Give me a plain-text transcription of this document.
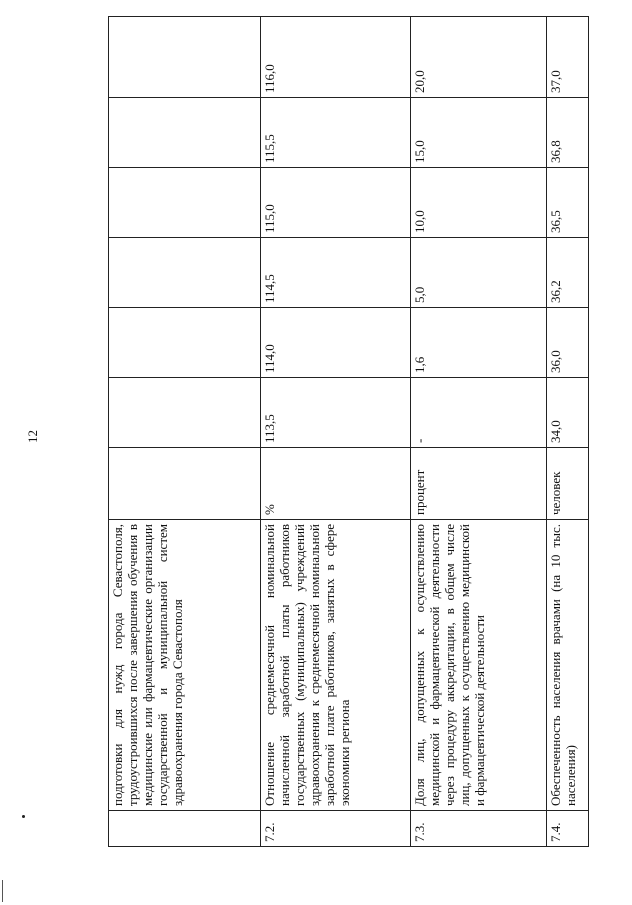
12
	подготовки для нужд города Севастополя, трудоустроившихся после завершения обучения в медицинские или фармацевтические организации государственной и муниципальной систем здравоохранения города Севастополя							
7.2.	Отношение среднемесячной номинальной начисленной заработной платы работников государственных (муниципальных) учреждений здравоохранения к среднемесячной номинальной заработной плате работников, занятых в сфере экономики региона	%	113,5	114,0	114,5	115,0	115,5	116,0
7.3.	Доля лиц, допущенных к осуществлению медицинской и фармацевтической деятельности через процедуру аккредитации, в общем числе лиц, допущенных к осуществлению медицинской и фармацевтической деятельности	процент	-	1,6	5,0	10,0	15,0	20,0
7.4.	Обеспеченность населения врачами (на 10 тыс. населения)	человек	34,0	36,0	36,2	36,5	36,8	37,0
